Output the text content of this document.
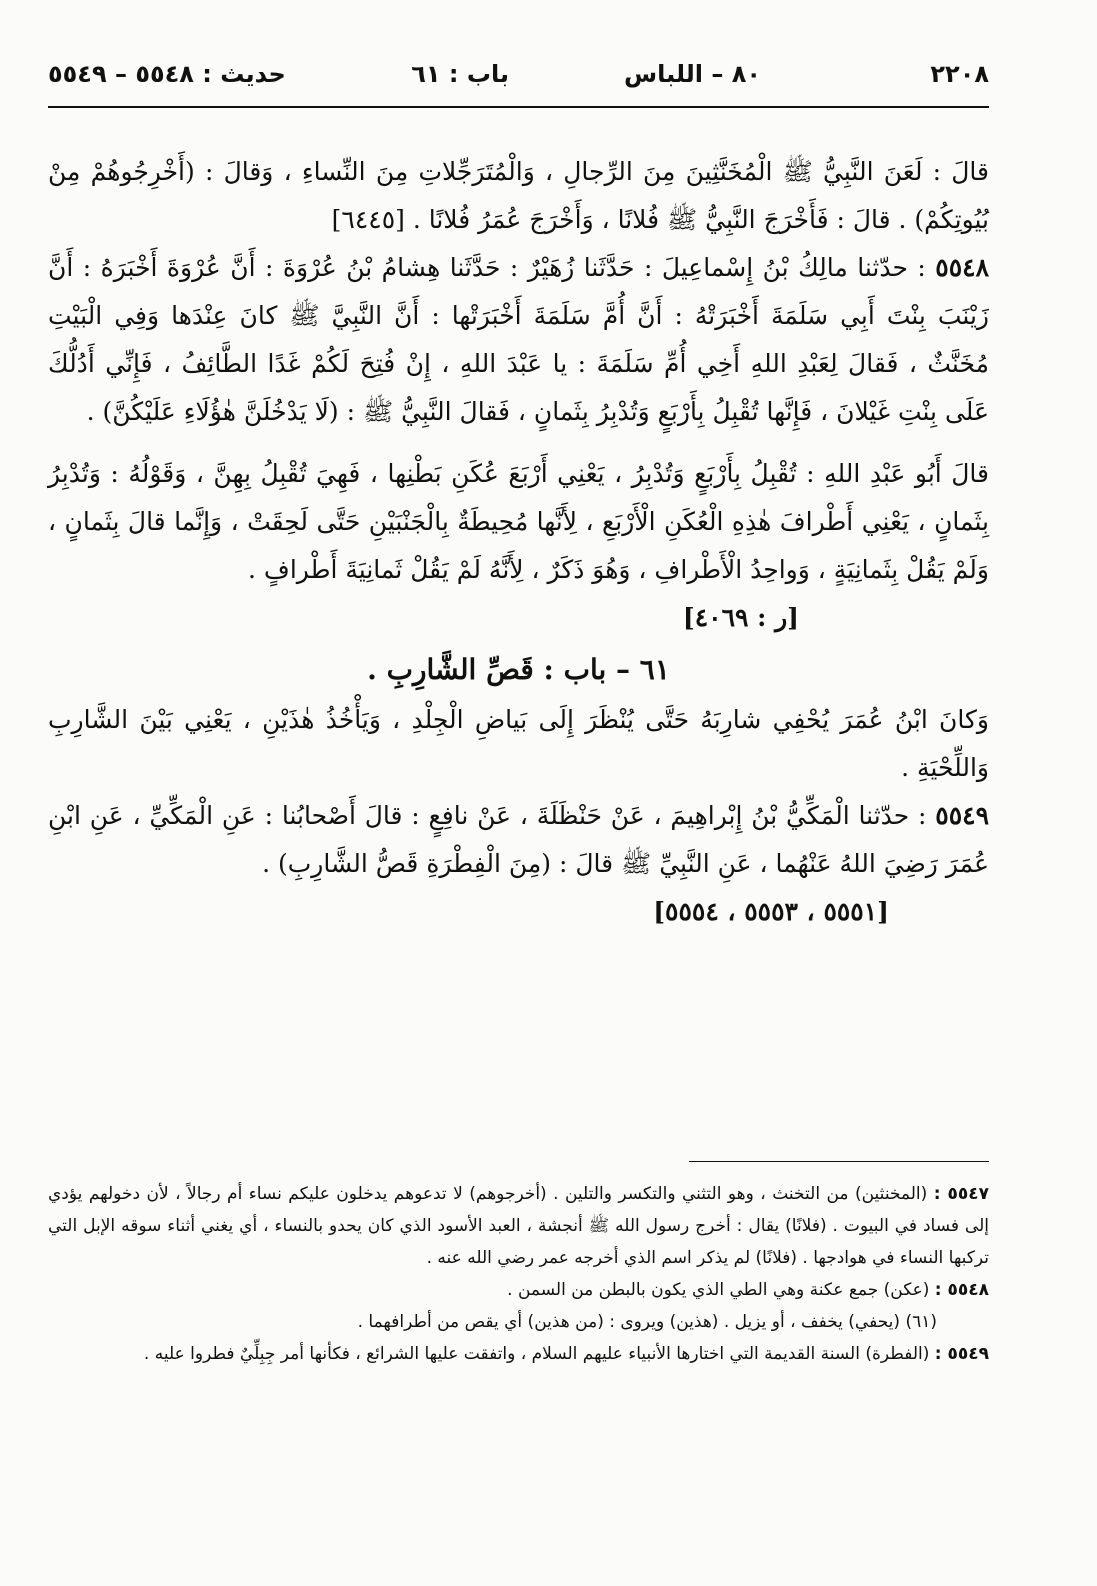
٢٢٠٨
٨٠ – اللباس
باب : ٦١
حديث : ٥٥٤٨ – ٥٥٤٩

قالَ : لَعَنَ النَّبِيُّ ﷺ الْمُخَنَّثِينَ مِنَ الرِّجالِ ، وَالْمُتَرَجِّلاتِ مِنَ النِّساءِ ، وَقالَ : (أَخْرِجُوهُمْ مِنْ بُيُوتِكُمْ) . قالَ : فَأَخْرَجَ النَّبِيُّ ﷺ فُلانًا ، وَأَخْرَجَ عُمَرُ فُلانًا . [٦٤٤٥]

٥٥٤٨ : حدّثنا مالِكُ بْنُ إِسْماعِيلَ : حَدَّثَنا زُهَيْرٌ : حَدَّثَنا هِشامُ بْنُ عُرْوَةَ : أَنَّ عُرْوَةَ أَخْبَرَهُ : أَنَّ زَيْنَبَ بِنْتَ أَبِي سَلَمَةَ أَخْبَرَتْهُ : أَنَّ أُمَّ سَلَمَةَ أَخْبَرَتْها : أَنَّ النَّبِيَّ ﷺ كانَ عِنْدَها وَفِي الْبَيْتِ مُخَنَّثٌ ، فَقالَ لِعَبْدِ اللهِ أَخِي أُمِّ سَلَمَةَ : يا عَبْدَ اللهِ ، إِنْ فُتِحَ لَكُمْ غَدًا الطَّائِفُ ، فَإِنِّي أَدُلُّكَ عَلَى بِنْتِ غَيْلانَ ، فَإِنَّها تُقْبِلُ بِأَرْبَعٍ وَتُدْبِرُ بِثَمانٍ ، فَقالَ النَّبِيُّ ﷺ : (لَا يَدْخُلَنَّ هٰؤُلَاءِ عَلَيْكُنَّ) .

قالَ أَبُو عَبْدِ اللهِ : تُقْبِلُ بِأَرْبَعٍ وَتُدْبِرُ ، يَعْنِي أَرْبَعَ عُكَنِ بَطْنِها ، فَهِيَ تُقْبِلُ بِهِنَّ ، وَقَوْلُهُ : وَتُدْبِرُ بِثَمانٍ ، يَعْنِي أَطْرافَ هٰذِهِ الْعُكَنِ الْأَرْبَعِ ، لِأَنَّها مُحِيطَةٌ بِالْجَنْبَيْنِ حَتَّى لَحِقَتْ ، وَإِنَّما قالَ بِثَمانٍ ، وَلَمْ يَقُلْ بِثَمانِيَةٍ ، وَواحِدُ الْأَطْرافِ ، وَهُوَ ذَكَرٌ ، لِأَنَّهُ لَمْ يَقُلْ ثَمانِيَةَ أَطْرافٍ .

[ر : ٤٠٦٩]

٦١ – باب : قَصِّ الشَّارِبِ .

وَكانَ ابْنُ عُمَرَ يُحْفِي شارِبَهُ حَتَّى يُنْظَرَ إِلَى بَياضِ الْجِلْدِ ، وَيَأْخُذُ هٰذَيْنِ ، يَعْنِي بَيْنَ الشَّارِبِ وَاللِّحْيَةِ .

٥٥٤٩ : حدّثنا الْمَكِّيُّ بْنُ إِبْراهِيمَ ، عَنْ حَنْظَلَةَ ، عَنْ نافِعٍ : قالَ أَصْحابُنا : عَنِ الْمَكِّيِّ ، عَنِ ابْنِ عُمَرَ رَضِيَ اللهُ عَنْهُما ، عَنِ النَّبِيِّ ﷺ قالَ : (مِنَ الْفِطْرَةِ قَصُّ الشَّارِبِ) .

[٥٥٥١ ، ٥٥٥٣ ، ٥٥٥٤]

٥٥٤٧ : (المخنثين) من التخنث ، وهو التثني والتكسر والتلين . (أخرجوهم) لا تدعوهم يدخلون عليكم نساء أم رجالاً ، لأن دخولهم يؤدي إلى فساد في البيوت . (فلانًا) يقال : أخرج رسول الله ﷺ أنجشة ، العبد الأسود الذي كان يحدو بالنساء ، أي يغني أثناء سوقه الإبل التي تركبها النساء في هوادجها . (فلانًا) لم يذكر اسم الذي أخرجه عمر رضي الله عنه .

٥٥٤٨ : (عكن) جمع عكنة وهي الطي الذي يكون بالبطن من السمن .

(٦١) (يحفي) يخفف ، أو يزيل . (هذين) ويروى : (من هذين) أي يقص من أطرافهما .

٥٥٤٩ : (الفطرة) السنة القديمة التي اختارها الأنبياء عليهم السلام ، واتفقت عليها الشرائع ، فكأنها أمر جِبِلِّيٌ فطروا عليه .
